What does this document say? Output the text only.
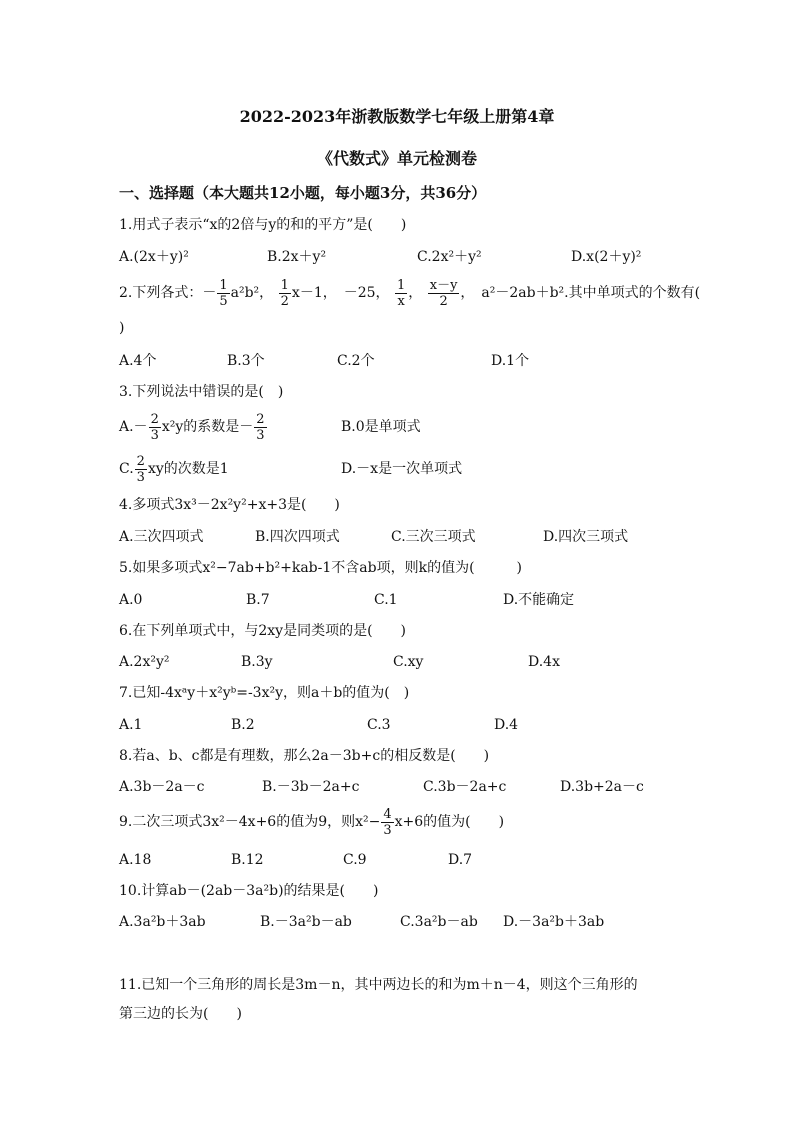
2022-2023年浙教版数学七年级上册第4章
《代数式》单元检测卷
一、选择题（本大题共12小题，每小题3分，共36分）
1.用式子表示“x的2倍与y的和的平方”是(　　)
A.(2x＋y)²	B.2x＋y²	C.2x²＋y²	D.x(2＋y)²
2.下列各式：－ $\frac{1}{5} a^2b^2$， $\frac{1}{2} x-1$，　－25， $\frac{1}{x}$ ， $\frac{x-y}{2}$ ，　a²－2ab＋b².其中单项式的个数有(
)
A.4个	B.3个	C.2个	D.1个
3.下列说法中错误的是(　)
$A.- \frac{2}{3} x^2y$的系数是－ $\frac{2}{3}$	B.0是单项式
C. $\frac{2}{3}$ xy的次数是1	D.－x是一次单项式
4.多项式3x³－2x²y²+x+3是(　　)
A.三次四项式	B.四次四项式	C.三次三项式	D.四次三项式
5.如果多项式x²−7ab+b²+kab-1不含ab项，则k的值为(　　　)
A.0	B.7	C.1	D.不能确定
6.在下列单项式中，与2xy是同类项的是(　　)
A.2x²y²	B.3y	C.xy	D.4x
7.已知-4xᵃy＋x²yᵇ=-3x²y，则a＋b的值为(　)
A.1	B.2	C.3	D.4
8.若a、b、c都是有理数，那么2a－3b+c的相反数是(　　)
A.3b－2a－c	B.－3b－2a+c	C.3b－2a+c	D.3b+2a－c
9.二次三项式3x²－4x+6的值为9，则$x^2- \frac{4}{3} x+6$的值为(　　)
A.18	B.12	C.9	D.7
10.计算ab－(2ab－3a²b)的结果是(　　)
A.3a²b＋3ab	B.－3a²b－ab	C.3a²b－ab D.－3a²b＋3ab
11.已知一个三角形的周长是3m－n，其中两边长的和为m＋n－4，则这个三角形的
第三边的长为(　　)
